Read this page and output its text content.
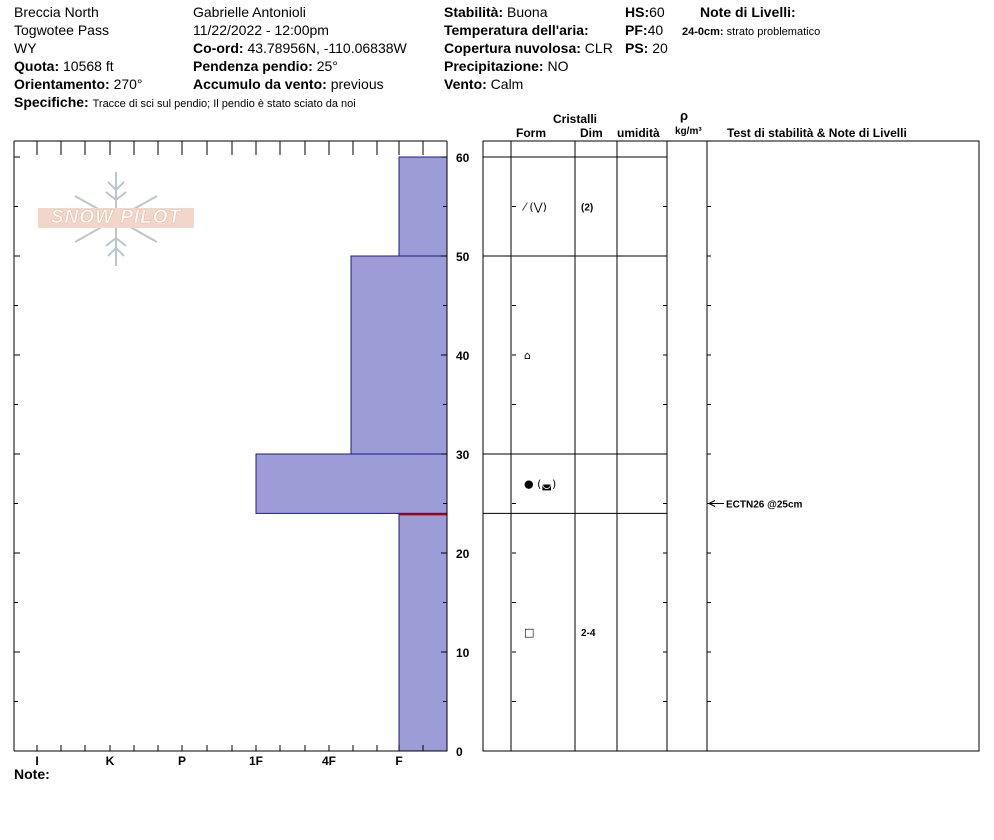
Breccia North
Togwotee Pass
WY
Quota: 10568 ft
Orientamento: 270°
Specifiche: Tracce di sci sul pendio; Il pendio è stato sciato da noi
Gabrielle Antonioli
11/22/2022 - 12:00pm
Co-ord: 43.78956N, -110.06838W
Pendenza pendio: 25°
Accumulo da vento: previous
Stabilità: Buona
Temperatura dell'aria:
Copertura nuvolosa: CLR
Precipitazione: NO
Vento: Calm
HS:60
PF:40
PS: 20
Note di Livelli:
24-0cm: strato problematico
Cristalli
Form	Dim umidità
ρ
kg/m³ Test di stabilità & Note di Livelli
Note:
SNOW PILOT
I	K	P	1F	4F	F
0
10
20
30
40
50
60
⁄ (⋁)	(2)
⌂
● (◛)
□	2-4
ECTN26 @25cm
